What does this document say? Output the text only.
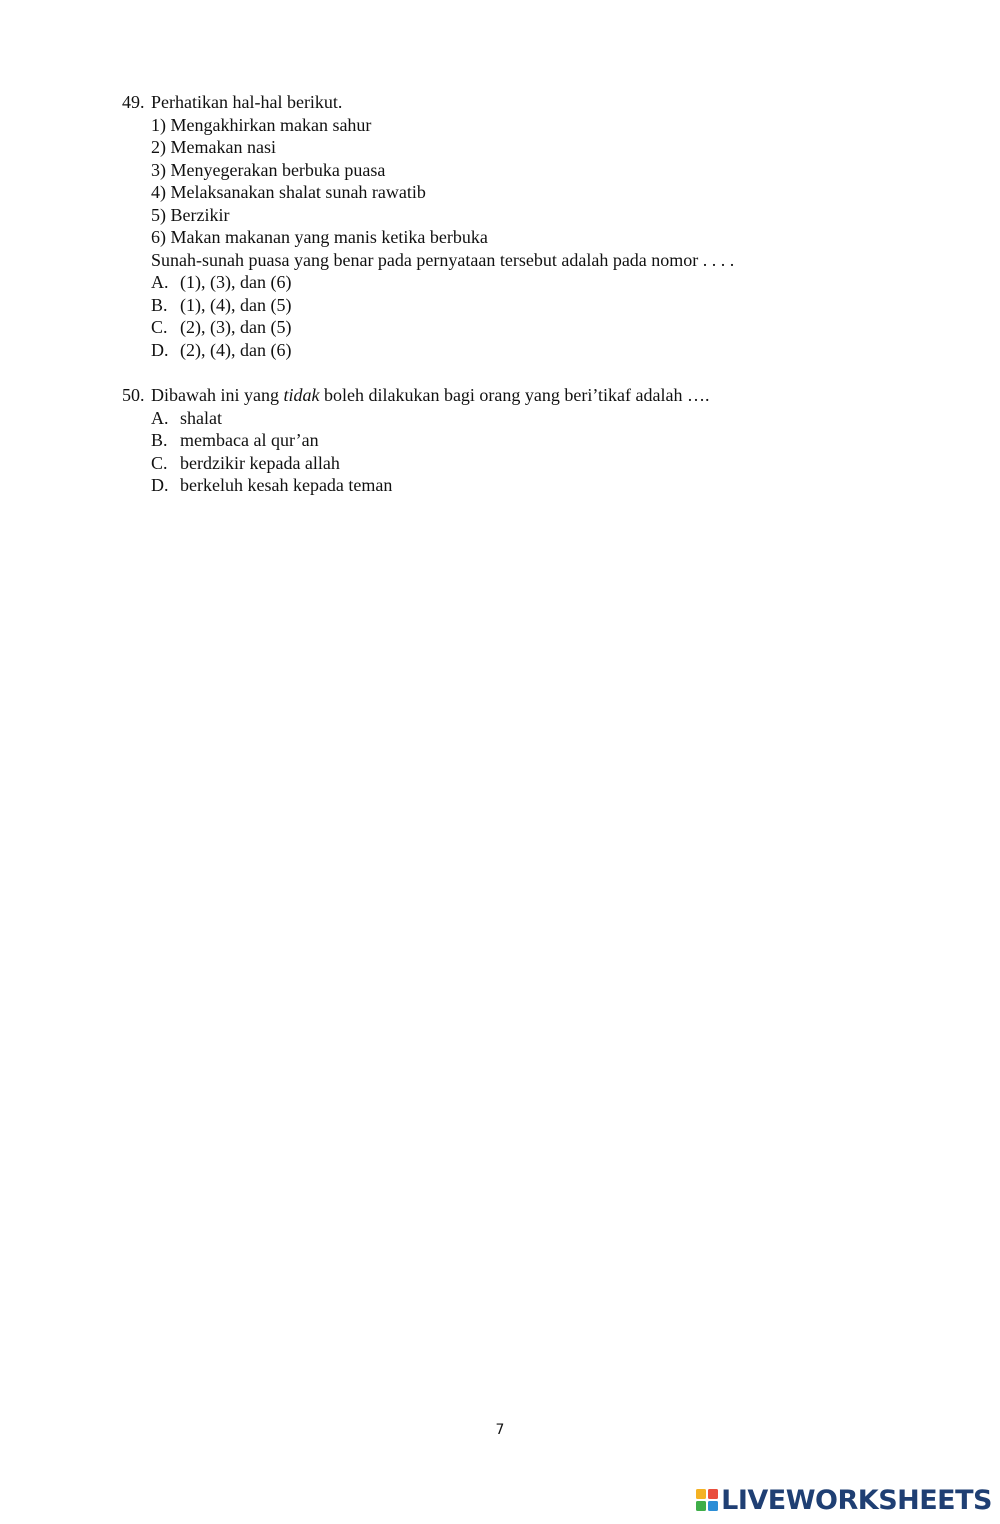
49. Perhatikan hal-hal berikut.
1) Mengakhirkan makan sahur
2) Memakan nasi
3) Menyegerakan berbuka puasa
4) Melaksanakan shalat sunah rawatib
5) Berzikir
6) Makan makanan yang manis ketika berbuka
Sunah-sunah puasa yang benar pada pernyataan tersebut adalah pada nomor . . . .
A. (1), (3), dan (6)
B. (1), (4), dan (5)
C. (2), (3), dan (5)
D. (2), (4), dan (6)
50. Dibawah ini yang tidak boleh dilakukan bagi orang yang beri’tikaf adalah ….
A. shalat
B. membaca al qur’an
C. berdzikir kepada allah
D. berkeluh kesah kepada teman
7
LIVEWORKSHEETS
